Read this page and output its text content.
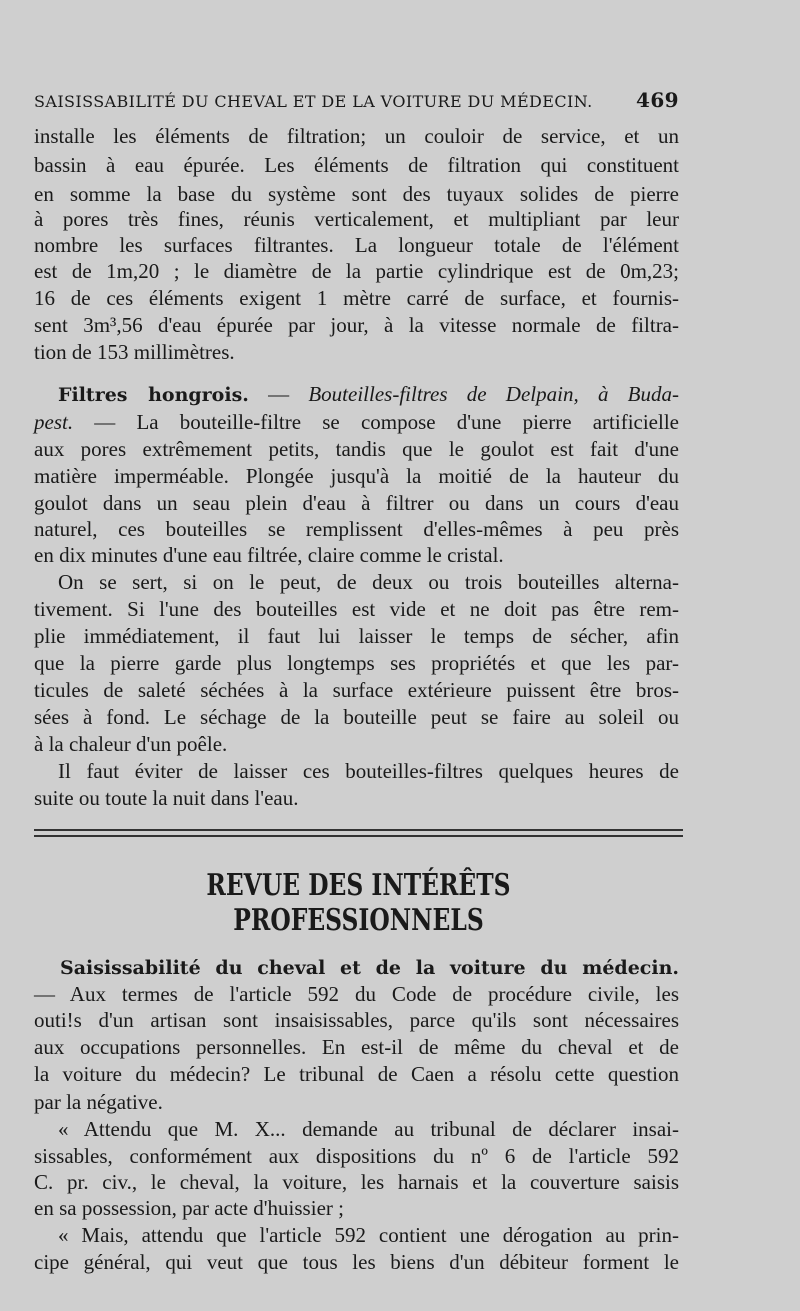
SAISISSABILITÉ DU CHEVAL ET DE LA VOITURE DU MÉDECIN. 469
installe les éléments de filtration; un couloir de service, et un
bassin à eau épurée. Les éléments de filtration qui constituent
en somme la base du système sont des tuyaux solides de pierre
à pores très fines, réunis verticalement, et multipliant par leur
nombre les surfaces filtrantes. La longueur totale de l'élément
est de 1m,20 ; le diamètre de la partie cylindrique est de 0m,23;
16 de ces éléments exigent 1 mètre carré de surface, et fournis-
sent 3m³,56 d'eau épurée par jour, à la vitesse normale de filtra-
tion de 153 millimètres.
Filtres hongrois. — Bouteilles-filtres de Delpain, à Buda-
pest. — La bouteille-filtre se compose d'une pierre artificielle
aux pores extrêmement petits, tandis que le goulot est fait d'une
matière imperméable. Plongée jusqu'à la moitié de la hauteur du
goulot dans un seau plein d'eau à filtrer ou dans un cours d'eau
naturel, ces bouteilles se remplissent d'elles-mêmes à peu près
en dix minutes d'une eau filtrée, claire comme le cristal.
On se sert, si on le peut, de deux ou trois bouteilles alterna-
tivement. Si l'une des bouteilles est vide et ne doit pas être rem-
plie immédiatement, il faut lui laisser le temps de sécher, afin
que la pierre garde plus longtemps ses propriétés et que les par-
ticules de saleté séchées à la surface extérieure puissent être bros-
sées à fond. Le séchage de la bouteille peut se faire au soleil ou
à la chaleur d'un poêle.
Il faut éviter de laisser ces bouteilles-filtres quelques heures de
suite ou toute la nuit dans l'eau.
REVUE DES INTÉRÊTS PROFESSIONNELS
Saisissabilité du cheval et de la voiture du médecin.
— Aux termes de l'article 592 du Code de procédure civile, les
outi!s d'un artisan sont insaisissables, parce qu'ils sont nécessaires
aux occupations personnelles. En est-il de même du cheval et de
la voiture du médecin? Le tribunal de Caen a résolu cette question
par la négative.
« Attendu que M. X... demande au tribunal de déclarer insai-
sissables, conformément aux dispositions du nº 6 de l'article 592
C. pr. civ., le cheval, la voiture, les harnais et la couverture saisis
en sa possession, par acte d'huissier ;
« Mais, attendu que l'article 592 contient une dérogation au prin-
cipe général, qui veut que tous les biens d'un débiteur forment le
